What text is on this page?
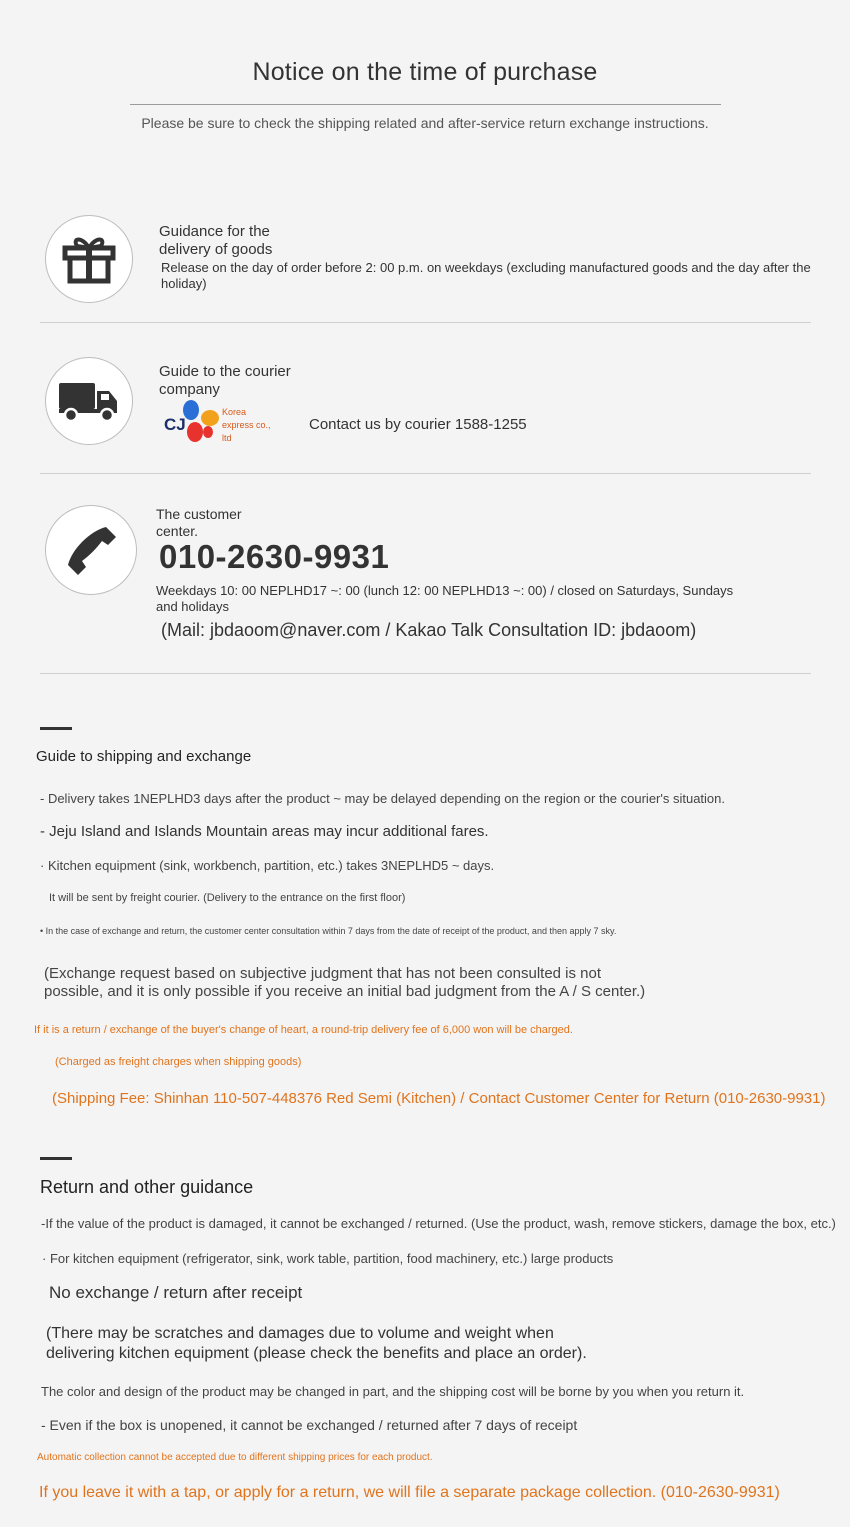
Notice on the time of purchase
Please be sure to check the shipping related and after-service return exchange instructions.
Guidance for the
delivery of goods
Release on the day of order before 2: 00 p.m. on weekdays (excluding manufactured goods and the day after the holiday)
Guide to the courier
company
CJ
Korea
express co.,
ltd
Contact us by courier 1588-1255
The customer
center.
010-2630-9931
Weekdays 10: 00 NEPLHD17 ~: 00 (lunch 12: 00 NEPLHD13 ~: 00) / closed on Saturdays, Sundays
and holidays
(Mail: jbdaoom@naver.com / Kakao Talk Consultation ID: jbdaoom)
Guide to shipping and exchange
- Delivery takes 1NEPLHD3 days after the product ~ may be delayed depending on the region or the courier's situation.
- Jeju Island and Islands Mountain areas may incur additional fares.
· Kitchen equipment (sink, workbench, partition, etc.) takes 3NEPLHD5 ~ days.
It will be sent by freight courier. (Delivery to the entrance on the first floor)
• In the case of exchange and return, the customer center consultation within 7 days from the date of receipt of the product, and then apply 7 sky.
(Exchange request based on subjective judgment that has not been consulted is not
possible, and it is only possible if you receive an initial bad judgment from the A / S center.)
If it is a return / exchange of the buyer's change of heart, a round-trip delivery fee of 6,000 won will be charged.
(Charged as freight charges when shipping goods)
(Shipping Fee: Shinhan 110-507-448376 Red Semi (Kitchen) / Contact Customer Center for Return (010-2630-9931)
Return and other guidance
-If the value of the product is damaged, it cannot be exchanged / returned. (Use the product, wash, remove stickers, damage the box, etc.)
· For kitchen equipment (refrigerator, sink, work table, partition, food machinery, etc.) large products
No exchange / return after receipt
(There may be scratches and damages due to volume and weight when
delivering kitchen equipment (please check the benefits and place an order).
The color and design of the product may be changed in part, and the shipping cost will be borne by you when you return it.
- Even if the box is unopened, it cannot be exchanged / returned after 7 days of receipt
Automatic collection cannot be accepted due to different shipping prices for each product.
If you leave it with a tap, or apply for a return, we will file a separate package collection. (010-2630-9931)
